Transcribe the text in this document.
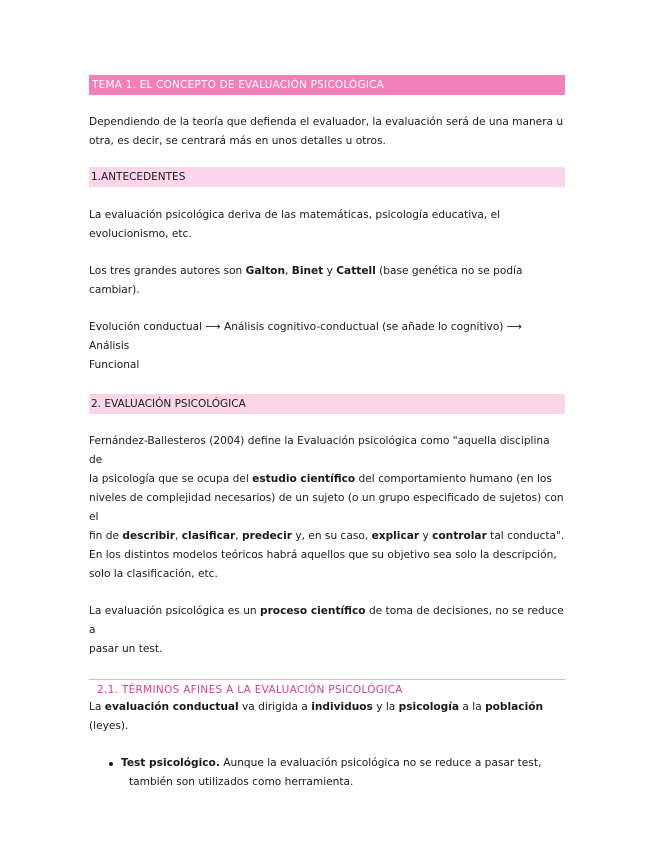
TEMA 1. EL CONCEPTO DE EVALUACIÓN PSICOLÓGICA

Dependiendo de la teoría que defienda el evaluador, la evaluación será de una manera u
otra, es decir, se centrará más en unos detalles u otros.

1.ANTECEDENTES

La evaluación psicológica deriva de las matemáticas, psicología educativa, el
evolucionismo, etc.

Los tres grandes autores son Galton, Binet y Cattell (base genética no se podía cambiar).

Evolución conductual ⟶ Análisis cognitivo-conductual (se añade lo cognitivo) ⟶ Análisis
Funcional

2. EVALUACIÓN PSICOLÓGICA

Fernández-Ballesteros (2004) define la Evaluación psicológica como "aquella disciplina de
la psicología que se ocupa del estudio científico del comportamiento humano (en los
niveles de complejidad necesarios) de un sujeto (o un grupo especificado de sujetos) con el
fin de describir, clasificar, predecir y, en su caso, explicar y controlar tal conducta".
En los distintos modelos teóricos habrá aquellos que su objetivo sea solo la descripción,
solo la clasificación, etc.

La evaluación psicológica es un proceso científico de toma de decisiones, no se reduce a
pasar un test.

2.1. TÉRMINOS AFINES A LA EVALUACIÓN PSICOLÓGICA

La evaluación conductual va dirigida a individuos y la psicología a la población (leyes).

Test psicológico. Aunque la evaluación psicológica no se reduce a pasar test,
también son utilizados como herramienta.
